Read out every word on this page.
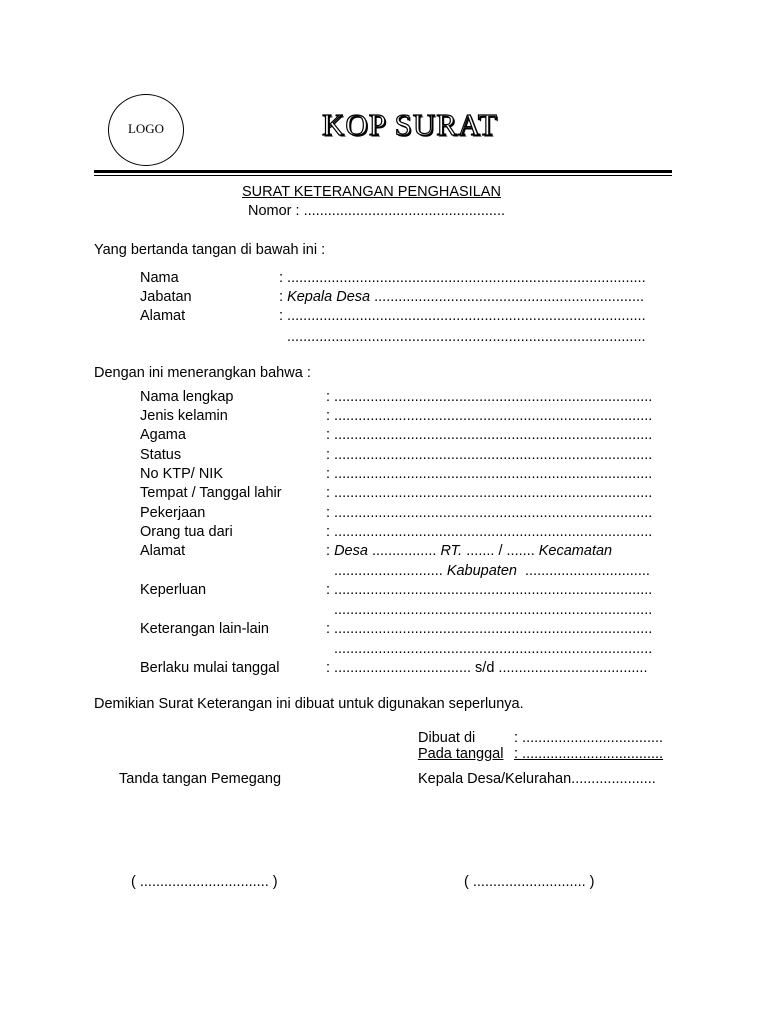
LOGO	KOP SURAT
SURAT KETERANGAN PENGHASILAN
Nomor : ..................................................
Yang bertanda tangan di bawah ini :
Nama	: .........................................................................................
Jabatan	: Kepala Desa ...................................................................
Alamat	: .........................................................................................
.........................................................................................
Dengan ini menerangkan bahwa :
Nama lengkap	: ...............................................................................
Jenis kelamin	: ...............................................................................
Agama	: ...............................................................................
Status	: ...............................................................................
No KTP/ NIK	: ...............................................................................
Tempat / Tanggal lahir	: ...............................................................................
Pekerjaan	: ...............................................................................
Orang tua dari	: ...............................................................................
Alamat	: Desa ................ RT. ....... / ....... Kecamatan
........................... Kabupaten  ...............................
Keperluan	: ...............................................................................
...............................................................................
Keterangan lain-lain	: ...............................................................................
...............................................................................
Berlaku mulai tanggal	: .................................. s/d .....................................
Demikian Surat Keterangan ini dibuat untuk digunakan seperlunya.
Dibuat di	: ...................................
Pada tanggal : ...................................
Tanda tangan Pemegang	Kepala Desa/Kelurahan.....................
( ................................ )	( ............................ )
